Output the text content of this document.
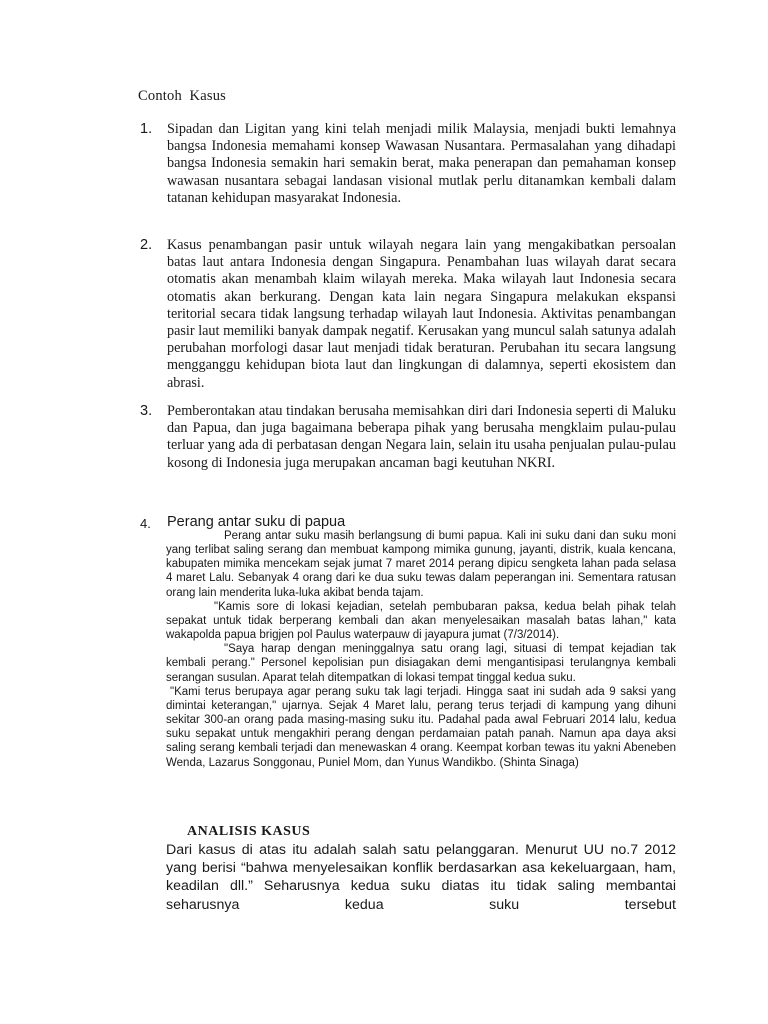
Contoh  Kasus
1.	Sipadan dan Ligitan yang kini telah menjadi milik Malaysia, menjadi bukti lemahnya bangsa Indonesia memahami konsep Wawasan Nusantara. Permasalahan yang dihadapi bangsa Indonesia semakin hari semakin berat, maka penerapan dan pemahaman konsep wawasan nusantara sebagai landasan visional mutlak perlu ditanamkan kembali dalam tatanan kehidupan masyarakat Indonesia.
2.	Kasus penambangan pasir untuk wilayah negara lain yang mengakibatkan persoalan batas laut antara Indonesia dengan Singapura. Penambahan luas wilayah darat secara otomatis akan menambah klaim wilayah mereka. Maka wilayah laut Indonesia secara otomatis akan berkurang. Dengan kata lain negara Singapura melakukan ekspansi teritorial secara tidak langsung terhadap wilayah laut Indonesia. Aktivitas penambangan pasir laut memiliki banyak dampak negatif. Kerusakan yang muncul salah satunya adalah perubahan morfologi dasar laut menjadi tidak beraturan. Perubahan itu secara langsung mengganggu kehidupan biota laut dan lingkungan di dalamnya, seperti ekosistem dan abrasi.
3.	Pemberontakan atau tindakan berusaha memisahkan diri dari Indonesia seperti di Maluku dan Papua, dan juga bagaimana beberapa pihak yang berusaha mengklaim pulau-pulau terluar yang ada di perbatasan dengan Negara lain, selain itu usaha penjualan pulau-pulau kosong di Indonesia juga merupakan ancaman bagi keutuhan NKRI.
4.	Perang antar suku di papua

Perang antar suku masih berlangsung di bumi papua. Kali ini suku dani dan suku moni yang terlibat saling serang dan membuat kampong mimika gunung, jayanti, distrik, kuala kencana, kabupaten mimika mencekam sejak jumat 7 maret 2014 perang dipicu sengketa lahan pada selasa 4 maret Lalu. Sebanyak 4 orang dari ke dua suku tewas dalam peperangan ini. Sementara ratusan orang lain menderita luka-luka akibat benda tajam.

"Kamis sore di lokasi kejadian, setelah pembubaran paksa, kedua belah pihak telah sepakat untuk tidak berperang kembali dan akan menyelesaikan masalah batas lahan," kata wakapolda papua brigjen pol Paulus waterpauw di jayapura jumat (7/3/2014).

"Saya harap dengan meninggalnya satu orang lagi, situasi di tempat kejadian tak kembali perang." Personel kepolisian pun disiagakan demi mengantisipasi terulangnya kembali serangan susulan. Aparat telah ditempatkan di lokasi tempat tinggal kedua suku.

"Kami terus berupaya agar perang suku tak lagi terjadi. Hingga saat ini sudah ada 9 saksi yang dimintai keterangan," ujarnya. Sejak 4 Maret lalu, perang terus terjadi di kampung yang dihuni sekitar 300-an orang pada masing-masing suku itu. Padahal pada awal Februari 2014 lalu, kedua suku sepakat untuk mengakhiri perang dengan perdamaian patah panah. Namun apa daya aksi saling serang kembali terjadi dan menewaskan 4 orang. Keempat korban tewas itu yakni Abeneben Wenda, Lazarus Songgonau, Puniel Mom, dan Yunus Wandikbo. (Shinta Sinaga)

ANALISIS KASUS
Dari kasus di atas itu adalah salah satu pelanggaran. Menurut UU no.7 2012 yang berisi “bahwa menyelesaikan konflik berdasarkan asa kekeluargaan, ham, keadilan dll.” Seharusnya kedua suku diatas itu tidak saling membantai seharusnya kedua suku tersebut
